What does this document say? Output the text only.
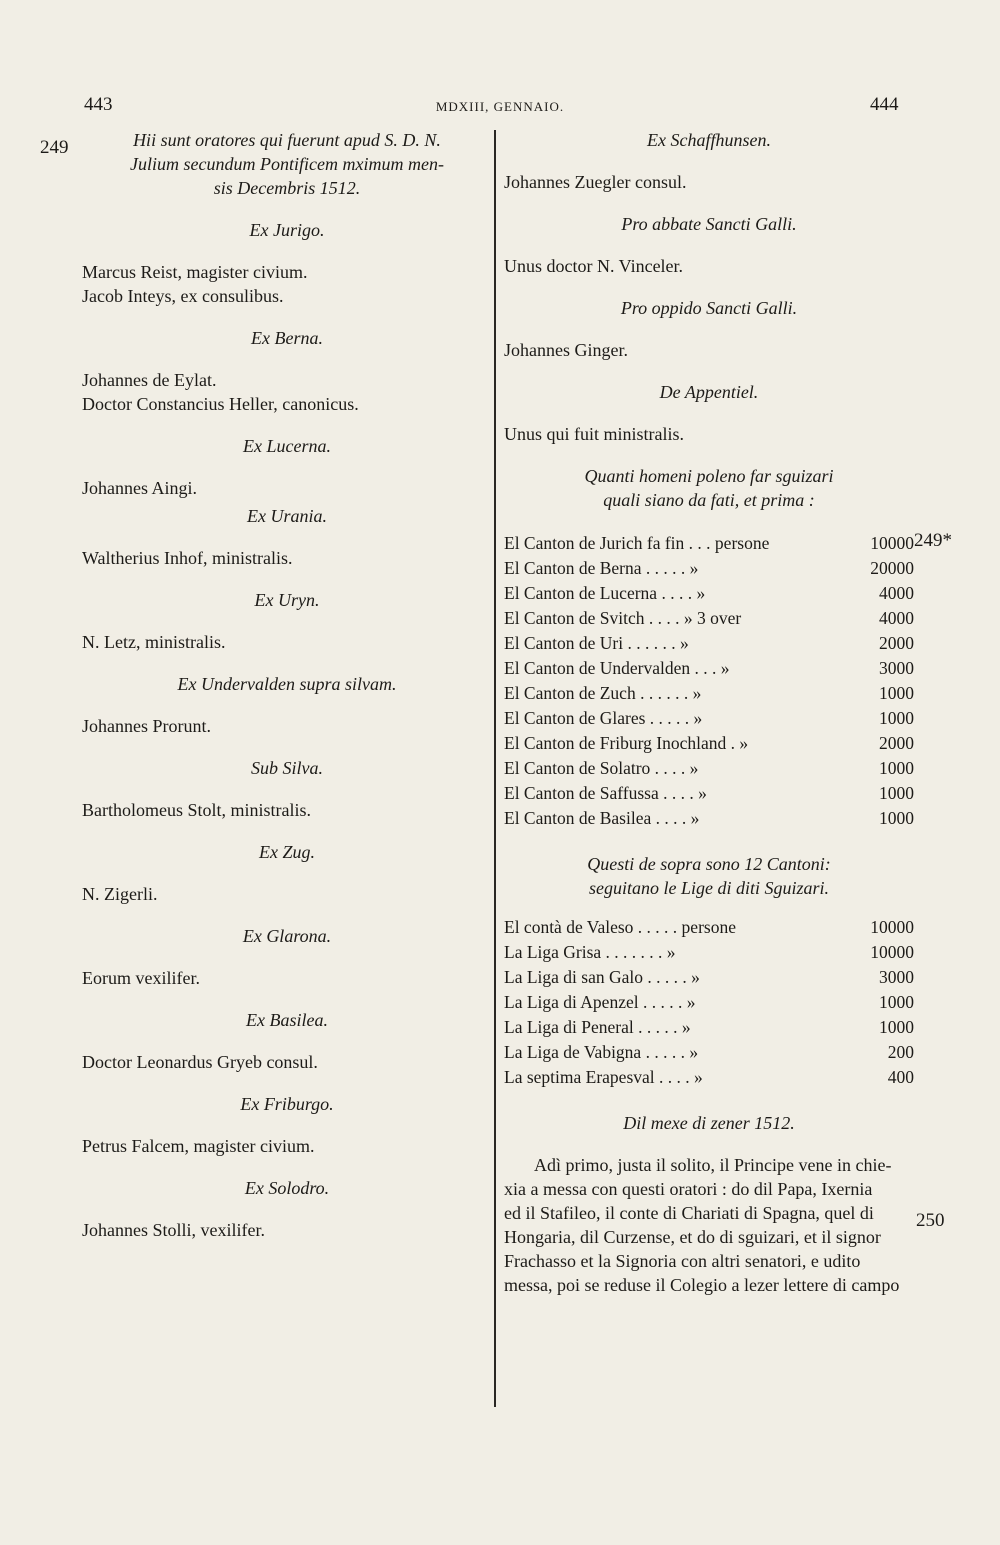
443	MDXIII, GENNAIO.	444
249
249*
250
Hii sunt oratores qui fuerunt apud S. D. N.
Julium secundum Pontificem mximum men-
sis Decembris 1512.
Ex Jurigo.
Marcus Reist, magister civium.
Jacob Inteys, ex consulibus.
Ex Berna.
Johannes de Eylat.
Doctor Constancius Heller, canonicus.
Ex Lucerna.
Johannes Aingi.
Ex Urania.
Waltherius Inhof, ministralis.
Ex Uryn.
N. Letz, ministralis.
Ex Undervalden supra silvam.
Johannes Prorunt.
Sub Silva.
Bartholomeus Stolt, ministralis.
Ex Zug.
N. Zigerli.
Ex Glarona.
Eorum vexilifer.
Ex Basilea.
Doctor Leonardus Gryeb consul.
Ex Friburgo.
Petrus Falcem, magister civium.
Ex Solodro.
Johannes Stolli, vexilifer.
Ex Schaffhunsen.
Johannes Zuegler consul.
Pro abbate Sancti Galli.
Unus doctor N. Vinceler.
Pro oppido Sancti Galli.
Johannes Ginger.
De Appentiel.
Unus qui fuit ministralis.
Quanti homeni poleno far sguizari
quali siano da fati, et prima :
El Canton de Jurich fa fin . . . persone	10000
El Canton de Berna . . . . . »	20000
El Canton de Lucerna . . . . »	4000
El Canton de Svitch . . . . » 3 over	4000
El Canton de Uri . . . . . . »	2000
El Canton de Undervalden . . . »	3000
El Canton de Zuch . . . . . . »	1000
El Canton de Glares . . . . . »	1000
El Canton de Friburg Inochland . »	2000
El Canton de Solatro . . . . »	1000
El Canton de Saffussa . . . . »	1000
El Canton de Basilea . . . . »	1000
Questi de sopra sono 12 Cantoni:
seguitano le Lige di diti Sguizari.
El contà de Valeso . . . . . persone	10000
La Liga Grisa . . . . . . . »	10000
La Liga di san Galo . . . . . »	3000
La Liga di Apenzel . . . . . »	1000
La Liga di Peneral . . . . . »	1000
La Liga de Vabigna . . . . . »	200
La septima Erapesval . . . . »	400
Dil mexe di zener 1512.
Adì primo, justa il solito, il Principe vene in chie-
xia a messa con questi oratori : do dil Papa, Ixernia
ed il Stafileo, il conte di Chariati di Spagna, quel di
Hongaria, dil Curzense, et do di sguizari, et il signor
Frachasso et la Signoria con altri senatori, e udito
messa, poi se reduse il Colegio a lezer lettere di campo
